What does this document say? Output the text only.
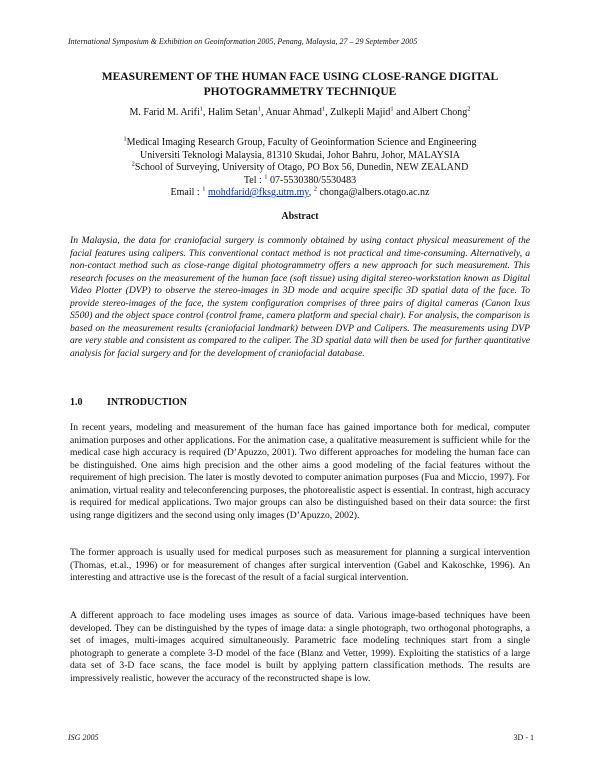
International Symposium & Exhibition on Geoinformation 2005, Penang, Malaysia, 27 – 29 September 2005
MEASUREMENT OF THE HUMAN FACE USING CLOSE-RANGE DIGITAL
PHOTOGRAMMETRY TECHNIQUE
M. Farid M. Arifi$^1$, Halim Setan$^1$, Anuar Ahmad$^1$, Zulkepli Majid$^1$ and Albert Chong$^2$
$^1$Medical Imaging Research Group, Faculty of Geoinformation Science and Engineering
Universiti Teknologi Malaysia, 81310 Skudai, Johor Bahru, Johor, MALAYSIA
$^2$School of Surveying, University of Otago, PO Box 56, Dunedin, NEW ZEALAND
Tel : $^1$ 07-5530380/5530483
Email : $^1$ mohdfarid@fksg.utm.my, $^2$ chonga@albers.otago.ac.nz
Abstract

In Malaysia, the data for craniofacial surgery is commonly obtained by using contact physical measurement of the facial features using calipers. This conventional contact method is not practical and time-consuming. Alternatively, a non-contact method such as close-range digital photogrammetry offers a new approach for such measurement. This research focuses on the measurement of the human face (soft tissue) using digital stereo-workstation known as Digital Video Plotter (DVP) to observe the stereo-images in 3D mode and acquire specific 3D spatial data of the face. To provide stereo-images of the face, the system configuration comprises of three pairs of digital cameras (Canon Ixus S500) and the object space control (control frame, camera platform and special chair). For analysis, the comparison is based on the measurement results (craniofacial landmark) between DVP and Calipers. The measurements using DVP are very stable and consistent as compared to the caliper. The 3D spatial data will then be used for further quantitative analysis for facial surgery and for the development of craniofacial database.

1.0 INTRODUCTION

In recent years, modeling and measurement of the human face has gained importance both for medical, computer animation purposes and other applications. For the animation case, a qualitative measurement is sufficient while for the medical case high accuracy is required (D’Apuzzo, 2001). Two different approaches for modeling the human face can be distinguished. One aims high precision and the other aims a good modeling of the facial features without the requirement of high precision. The later is mostly devoted to computer animation purposes (Fua and Miccio, 1997). For animation, virtual reality and teleconferencing purposes, the photorealistic aspect is essential. In contrast, high accuracy is required for medical applications. Two major groups can also be distinguished based on their data source: the first using range digitizers and the second using only images (D’Apuzzo, 2002).

The former approach is usually used for medical purposes such as measurement for planning a surgical intervention (Thomas, et.al., 1996) or for measurement of changes after surgical intervention (Gabel and Kakoschke, 1996). An interesting and attractive use is the forecast of the result of a facial surgical intervention.

A different approach to face modeling uses images as source of data. Various image-based techniques have been developed. They can be distinguished by the types of image data: a single photograph, two orthogonal photographs, a set of images, multi-images acquired simultaneously. Parametric face modeling techniques start from a single photograph to generate a complete 3-D model of the face (Blanz and Vetter, 1999). Exploiting the statistics of a large data set of 3-D face scans, the face model is built by applying pattern classification methods. The results are impressively realistic, however the accuracy of the reconstructed shape is low.

ISG 2005	3D - 1
